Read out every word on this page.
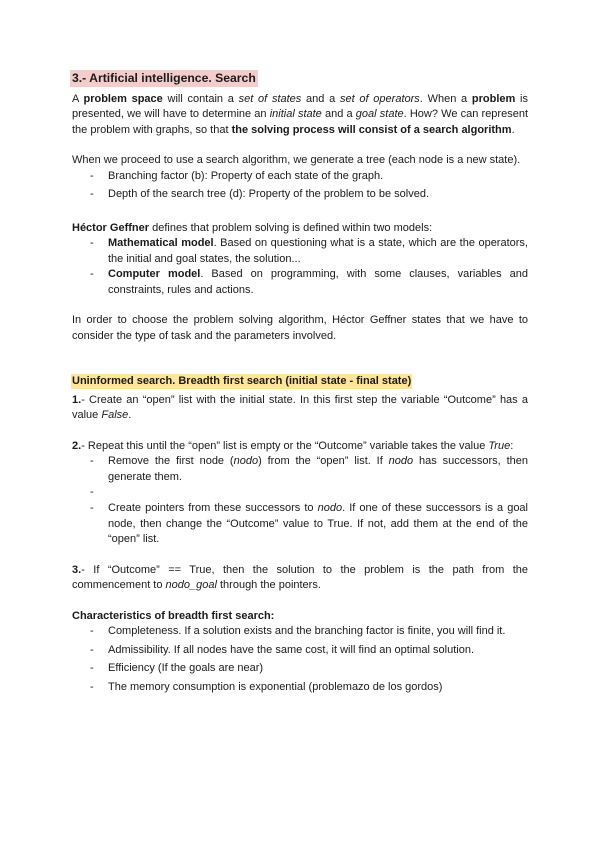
3.- Artificial intelligence. Search

A problem space will contain a set of states and a set of operators. When a problem is presented, we will have to determine an initial state and a goal state. How? We can represent the problem with graphs, so that the solving process will consist of a search algorithm.

When we proceed to use a search algorithm, we generate a tree (each node is a new state).

- Branching factor (b): Property of each state of the graph.
- Depth of the search tree (d): Property of the problem to be solved.

Héctor Geffner defines that problem solving is defined within two models:

- Mathematical model. Based on questioning what is a state, which are the operators, the initial and goal states, the solution...
- Computer model. Based on programming, with some clauses, variables and constraints, rules and actions.

In order to choose the problem solving algorithm, Héctor Geffner states that we have to consider the type of task and the parameters involved.

Uninformed search. Breadth first search (initial state - final state)

1.- Create an “open” list with the initial state. In this first step the variable “Outcome” has a value False.

2.- Repeat this until the “open” list is empty or the “Outcome” variable takes the value True:

- Remove the first node (nodo) from the “open” list. If nodo has successors, then generate them.
-
- Create pointers from these successors to nodo. If one of these successors is a goal node, then change the “Outcome” value to True. If not, add them at the end of the “open” list.

3.- If “Outcome” == True, then the solution to the problem is the path from the commencement to nodo_goal through the pointers.

Characteristics of breadth first search:

- Completeness. If a solution exists and the branching factor is finite, you will find it.
- Admissibility. If all nodes have the same cost, it will find an optimal solution.
- Efficiency (If the goals are near)
- The memory consumption is exponential (problemazo de los gordos)
